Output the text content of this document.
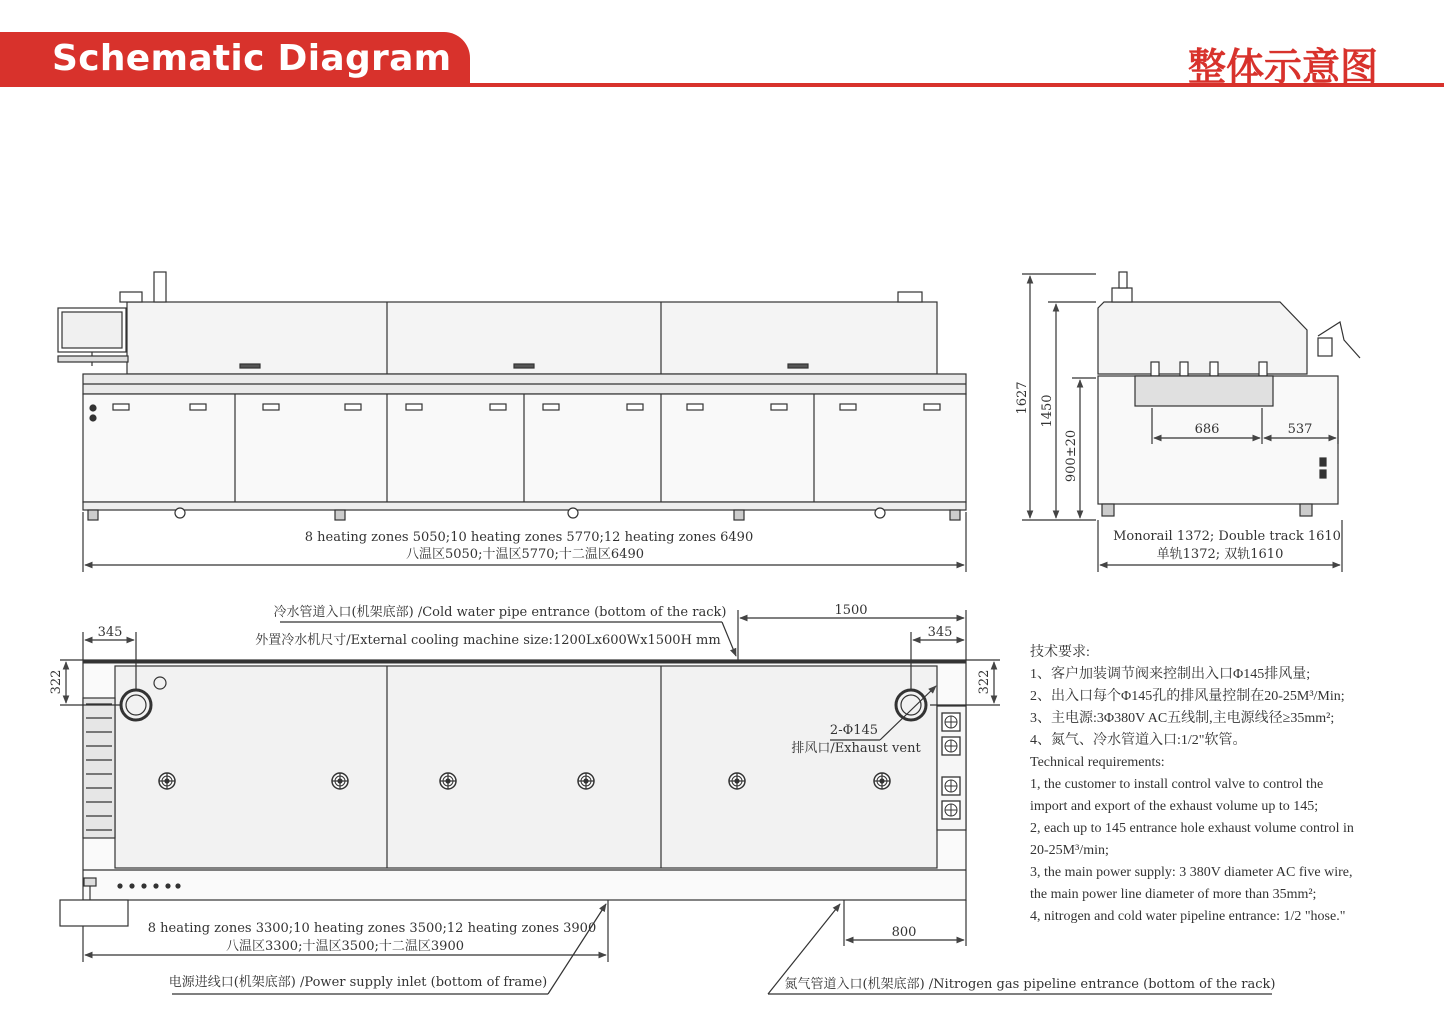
Schematic Diagram	整体示意图
8 heating zones 5050;10 heating zones 5770;12 heating zones 6490
八温区5050;十温区5770;十二温区6490
1627 1450
900±20
686	537
Monorail 1372; Double track 1610
单轨1372; 双轨1610
345	345
1500
322	322
冷水管道入口(机架底部) /Cold water pipe entrance (bottom of the rack)
外置冷水机尺寸/External cooling machine size:1200Lx600Wx1500H mm
2-Φ145
排风口/Exhaust vent
8 heating zones 3300;10 heating zones 3500;12 heating zones 3900
八温区3300;十温区3500;十二温区3900
电源进线口(机架底部) /Power supply inlet (bottom of frame)
800
氮气管道入口(机架底部) /Nitrogen gas pipeline entrance (bottom of the rack)
技术要求:
1、客户加装调节阀来控制出入口Φ145排风量;
2、出入口每个Φ145孔的排风量控制在20-25M³/Min;
3、主电源:3Φ380V AC五线制,主电源线径≥35mm²;
4、氮气、冷水管道入口:1/2"软管。
Technical requirements:
1, the customer to install control valve to control the
import and export of the exhaust volume up to 145;
2, each up to 145 entrance hole exhaust volume control in
20-25M³/min;
3, the main power supply: 3 380V diameter AC five wire,
the main power line diameter of more than 35mm²;
4, nitrogen and cold water pipeline entrance: 1/2 "hose."
